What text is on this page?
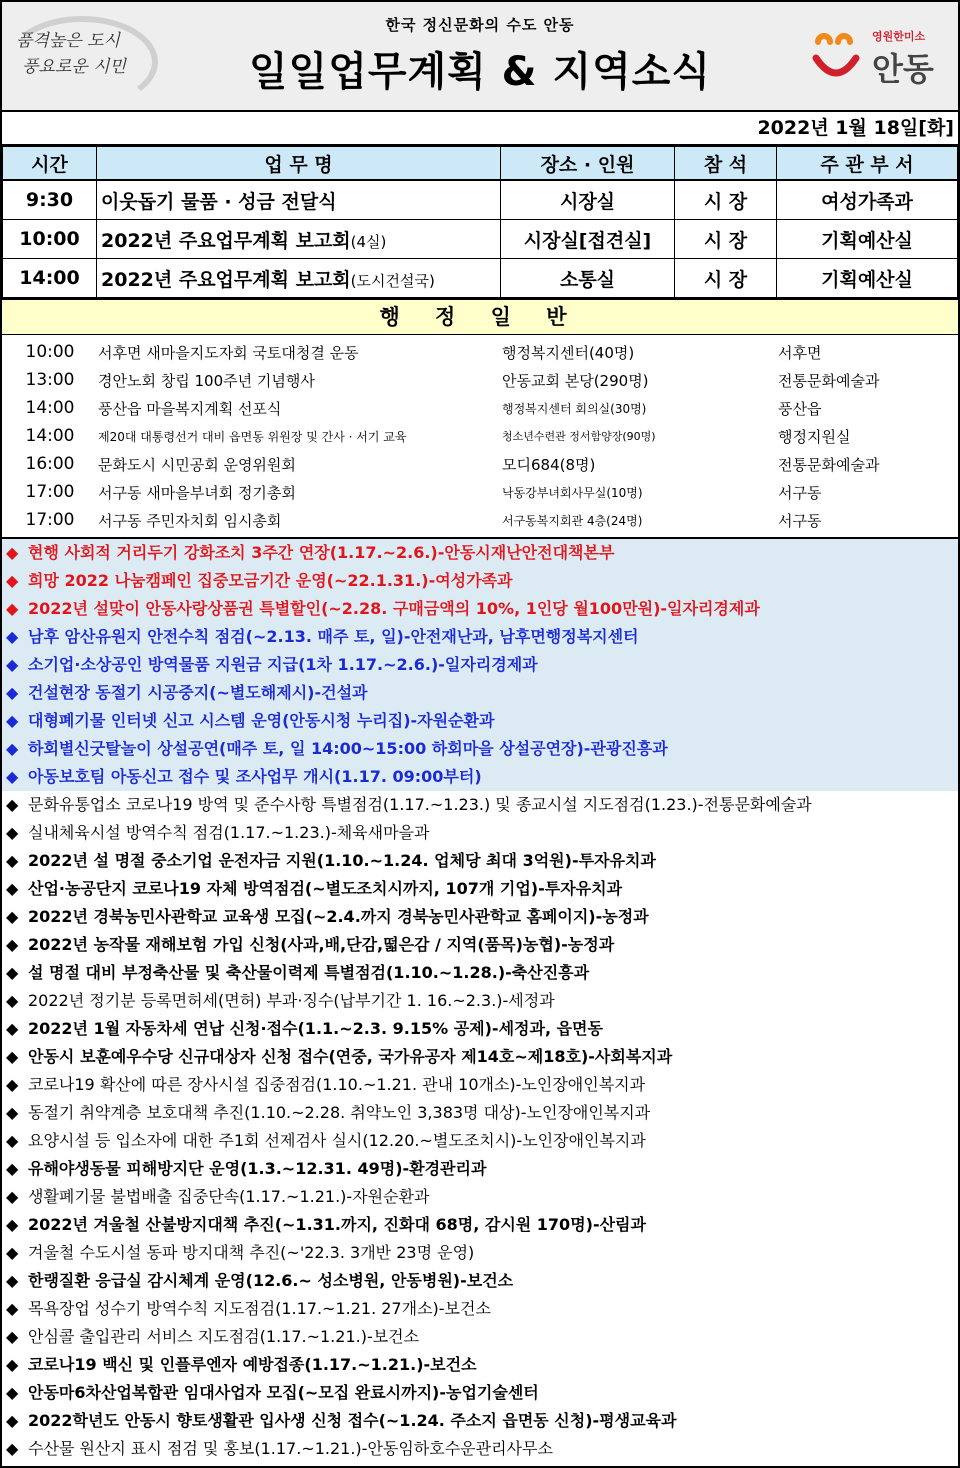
품격높은 도시
풍요로운 시민
한국 정신문화의 수도 안동
일일업무계획 & 지역소식
영원한미소
안동
2022년 1월 18일[화]
시간	업 무 명	장소 · 인원	참 석	주 관 부 서
9:30	이웃돕기 물품 · 성금 전달식	시장실	시 장	여성가족과
10:00	2022년 주요업무계획 보고회(4실)	시장실[접견실]	시 장	기획예산실
14:00	2022년 주요업무계획 보고회(도시건설국)	소통실	시 장	기획예산실
행 정 일 반
10:00	서후면 새마을지도자회 국토대청결 운동	행정복지센터(40명)	서후면
13:00	경안노회 창립 100주년 기념행사	안동교회 본당(290명)	전통문화예술과
14:00	풍산읍 마을복지계획 선포식	행정복지센터 회의실(30명)	풍산읍
14:00	제20대 대통령선거 대비 읍면동 위원장 및 간사 · 서기 교육	청소년수련관 정서함양장(90명)	행정지원실
16:00	문화도시 시민공회 운영위원회	모디684(8명)	전통문화예술과
17:00	서구동 새마을부녀회 정기총회	낙동강부녀회사무실(10명)	서구동
17:00	서구동 주민자치회 임시총회	서구동복지회관 4층(24명)	서구동
◆ 현행 사회적 거리두기 강화조치 3주간 연장(1.17.~2.6.)-안동시재난안전대책본부
◆ 희망 2022 나눔캠페인 집중모금기간 운영(~22.1.31.)-여성가족과
◆ 2022년 설맞이 안동사랑상품권 특별할인(~2.28. 구매금액의 10%, 1인당 월100만원)-일자리경제과
◆ 남후 암산유원지 안전수칙 점검(~2.13. 매주 토, 일)-안전재난과, 남후면행정복지센터
◆ 소기업·소상공인 방역물품 지원금 지급(1차 1.17.~2.6.)-일자리경제과
◆ 건설현장 동절기 시공중지(~별도해제시)-건설과
◆ 대형폐기물 인터넷 신고 시스템 운영(안동시청 누리집)-자원순환과
◆ 하회별신굿탈놀이 상설공연(매주 토, 일 14:00~15:00 하회마을 상설공연장)-관광진흥과
◆ 아동보호팀 아동신고 접수 및 조사업무 개시(1.17. 09:00부터)
◆ 문화유통업소 코로나19 방역 및 준수사항 특별점검(1.17.~1.23.) 및 종교시설 지도점검(1.23.)-전통문화예술과
◆ 실내체육시설 방역수칙 점검(1.17.~1.23.)-체육새마을과
◆ 2022년 설 명절 중소기업 운전자금 지원(1.10.~1.24. 업체당 최대 3억원)-투자유치과
◆ 산업·농공단지 코로나19 자체 방역점검(~별도조치시까지, 107개 기업)-투자유치과
◆ 2022년 경북농민사관학교 교육생 모집(~2.4.까지 경북농민사관학교 홈페이지)-농정과
◆ 2022년 농작물 재해보험 가입 신청(사과,배,단감,떫은감 / 지역(품목)농협)-농정과
◆ 설 명절 대비 부정축산물 및 축산물이력제 특별점검(1.10.~1.28.)-축산진흥과
◆ 2022년 정기분 등록면허세(면허) 부과·징수(납부기간 1. 16.~2.3.)-세정과
◆ 2022년 1월 자동차세 연납 신청·접수(1.1.~2.3. 9.15% 공제)-세정과, 읍면동
◆ 안동시 보훈예우수당 신규대상자 신청 접수(연중, 국가유공자 제14호~제18호)-사회복지과
◆ 코로나19 확산에 따른 장사시설 집중점검(1.10.~1.21. 관내 10개소)-노인장애인복지과
◆ 동절기 취약계층 보호대책 추진(1.10.~2.28. 취약노인 3,383명 대상)-노인장애인복지과
◆ 요양시설 등 입소자에 대한 주1회 선제검사 실시(12.20.~별도조치시)-노인장애인복지과
◆ 유해야생동물 피해방지단 운영(1.3.~12.31. 49명)-환경관리과
◆ 생활폐기물 불법배출 집중단속(1.17.~1.21.)-자원순환과
◆ 2022년 겨울철 산불방지대책 추진(~1.31.까지, 진화대 68명, 감시원 170명)-산림과
◆ 겨울철 수도시설 동파 방지대책 추진(~'22.3. 3개반 23명 운영)
◆ 한랭질환 응급실 감시체계 운영(12.6.~ 성소병원, 안동병원)-보건소
◆ 목욕장업 성수기 방역수칙 지도점검(1.17.~1.21. 27개소)-보건소
◆ 안심콜 출입관리 서비스 지도점검(1.17.~1.21.)-보건소
◆ 코로나19 백신 및 인플루엔자 예방접종(1.17.~1.21.)-보건소
◆ 안동마6차산업복합관 임대사업자 모집(~모집 완료시까지)-농업기술센터
◆ 2022학년도 안동시 향토생활관 입사생 신청 접수(~1.24. 주소지 읍면동 신청)-평생교육과
◆ 수산물 원산지 표시 점검 및 홍보(1.17.~1.21.)-안동임하호수운관리사무소
